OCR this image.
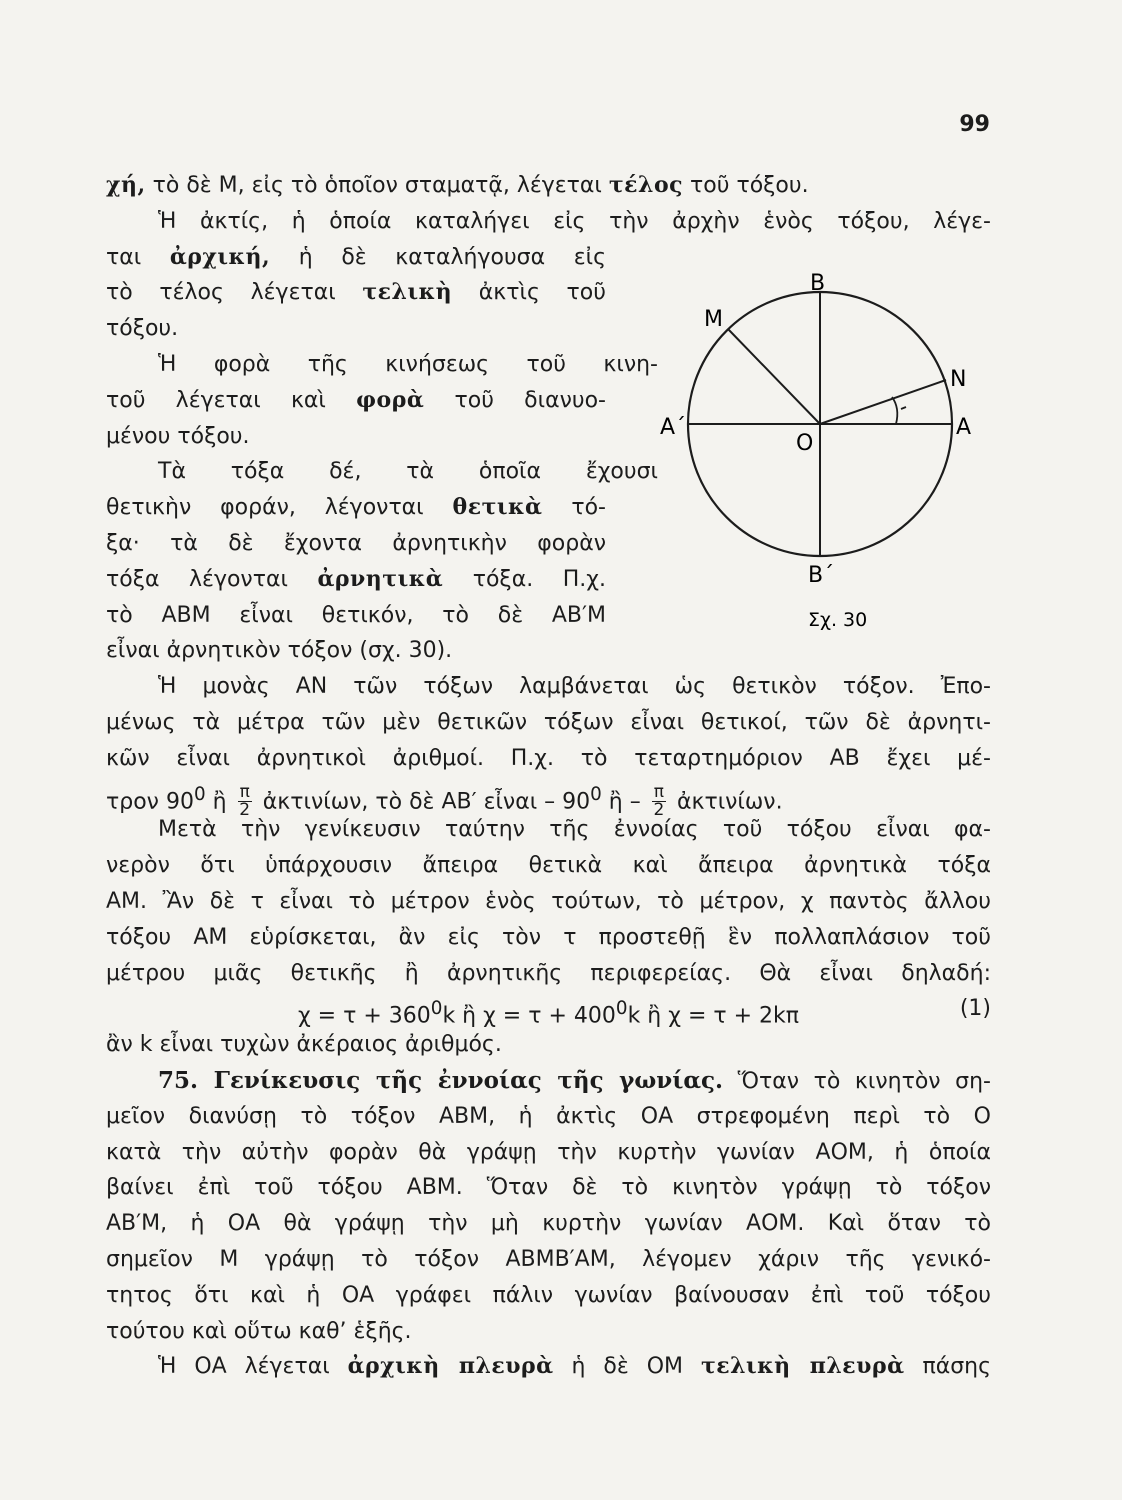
99
χή, τὸ δὲ Μ, εἰς τὸ ὁποῖον σταματᾷ, λέγεται τέλος τοῦ τόξου.
Ἡ ἀκτίς, ἡ ὁποία καταλήγει εἰς τὴν ἀρχὴν ἑνὸς τόξου, λέγε-
ται ἀρχική, ἡ δὲ καταλήγουσα εἰς
τὸ τέλος λέγεται τελικὴ ἀκτὶς τοῦ
τόξου.
Ἡ φορὰ τῆς κινήσεως τοῦ κινη-
τοῦ λέγεται καὶ φορὰ τοῦ διανυο-
μένου τόξου.
Τὰ τόξα δέ, τὰ ὁποῖα ἔχουσι
θετικὴν φοράν, λέγονται θετικὰ τό-
ξα· τὰ δὲ ἔχοντα ἀρνητικὴν φορὰν
τόξα λέγονται ἀρνητικὰ τόξα. Π.χ.
τὸ ΑΒΜ εἶναι θετικόν, τὸ δὲ ΑΒ′Μ
εἶναι ἀρνητικὸν τόξον (σχ. 30).
Ἡ μονὰς ΑΝ τῶν τόξων λαμβάνεται ὡς θετικὸν τόξον. Ἐπο-
μένως τὰ μέτρα τῶν μὲν θετικῶν τόξων εἶναι θετικοί, τῶν δὲ ἀρνητι-
κῶν εἶναι ἀρνητικοὶ ἀριθμοί. Π.χ. τὸ τεταρτημόριον ΑΒ ἔχει μέ-
τρον $90^0$ ἢ $\frac{\pi}{2}$ ἀκτινίων, τὸ δὲ ΑΒ′ εἶναι – $90^0$ ἢ – $\frac{\pi}{2}$ ἀκτινίων.
Μετὰ τὴν γενίκευσιν ταύτην τῆς ἐννοίας τοῦ τόξου εἶναι φα-
νερὸν ὅτι ὑπάρχουσιν ἄπειρα θετικὰ καὶ ἄπειρα ἀρνητικὰ τόξα
ΑΜ. Ἂν δὲ τ εἶναι τὸ μέτρον ἑνὸς τούτων, τὸ μέτρον, χ παντὸς ἄλλου
τόξου ΑΜ εὑρίσκεται, ἂν εἰς τὸν τ προστεθῇ ἓν πολλαπλάσιον τοῦ
μέτρου μιᾶς θετικῆς ἢ ἀρνητικῆς περιφερείας. Θὰ εἶναι δηλαδή:
$\chi = \tau + 360^0k$ ἢ $\chi = \tau + 400^0k$ ἢ χ = τ + 2kπ	(1)
ἂν k εἶναι τυχὼν ἀκέραιος ἀριθμός.
75. Γενίκευσις τῆς ἐννοίας τῆς γωνίας. Ὅταν τὸ κινητὸν ση-
μεῖον διανύσῃ τὸ τόξον ΑΒΜ, ἡ ἀκτὶς ΟΑ στρεφομένη περὶ τὸ Ο
κατὰ τὴν αὐτὴν φορὰν θὰ γράψῃ τὴν κυρτὴν γωνίαν ΑΟΜ, ἡ ὁποία
βαίνει ἐπὶ τοῦ τόξου ΑΒΜ. Ὅταν δὲ τὸ κινητὸν γράψῃ τὸ τόξον
ΑΒ′Μ, ἡ ΟΑ θὰ γράψῃ τὴν μὴ κυρτὴν γωνίαν ΑΟΜ. Καὶ ὅταν τὸ
σημεῖον Μ γράψῃ τὸ τόξον ΑΒΜΒ′ΑΜ, λέγομεν χάριν τῆς γενικό-
τητος ὅτι καὶ ἡ ΟΑ γράφει πάλιν γωνίαν βαίνουσαν ἐπὶ τοῦ τόξου
τούτου καὶ οὕτω καθ’ ἑξῆς.
Ἡ ΟΑ λέγεται ἀρχικὴ πλευρὰ ἡ δὲ ΟΜ τελικὴ πλευρὰ πάσης
B
M
N
A΄
O
A
B΄
Σχ. 30
